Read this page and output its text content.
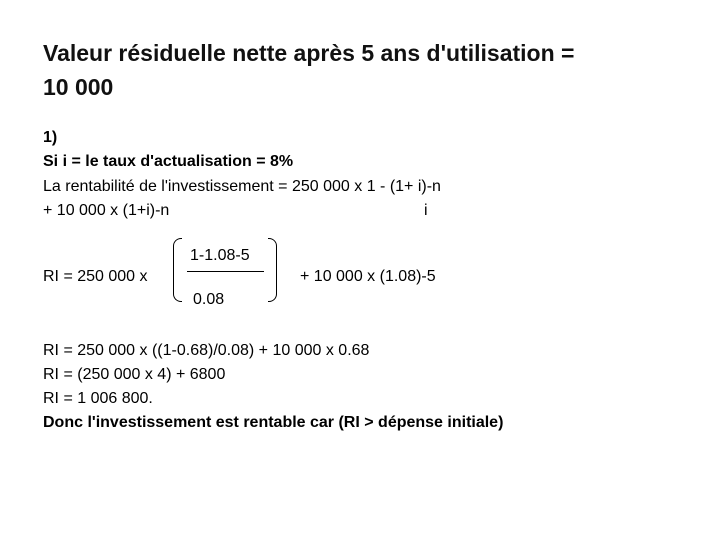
Valeur résiduelle nette après 5 ans d'utilisation =
10 000
1)
Si i = le taux d'actualisation = 8%
La rentabilité de l'investissement = 250 000 x 1 - (1+ i)-n
+ 10 000 x (1+i)-n	i
RI = 250 000 x
1-1.08-5
0.08
+ 10 000 x (1.08)-5
RI = 250 000 x ((1-0.68)/0.08) + 10 000 x 0.68
RI = (250 000 x 4) + 6800
RI = 1 006 800.
Donc l'investissement est rentable car (RI > dépense initiale)
